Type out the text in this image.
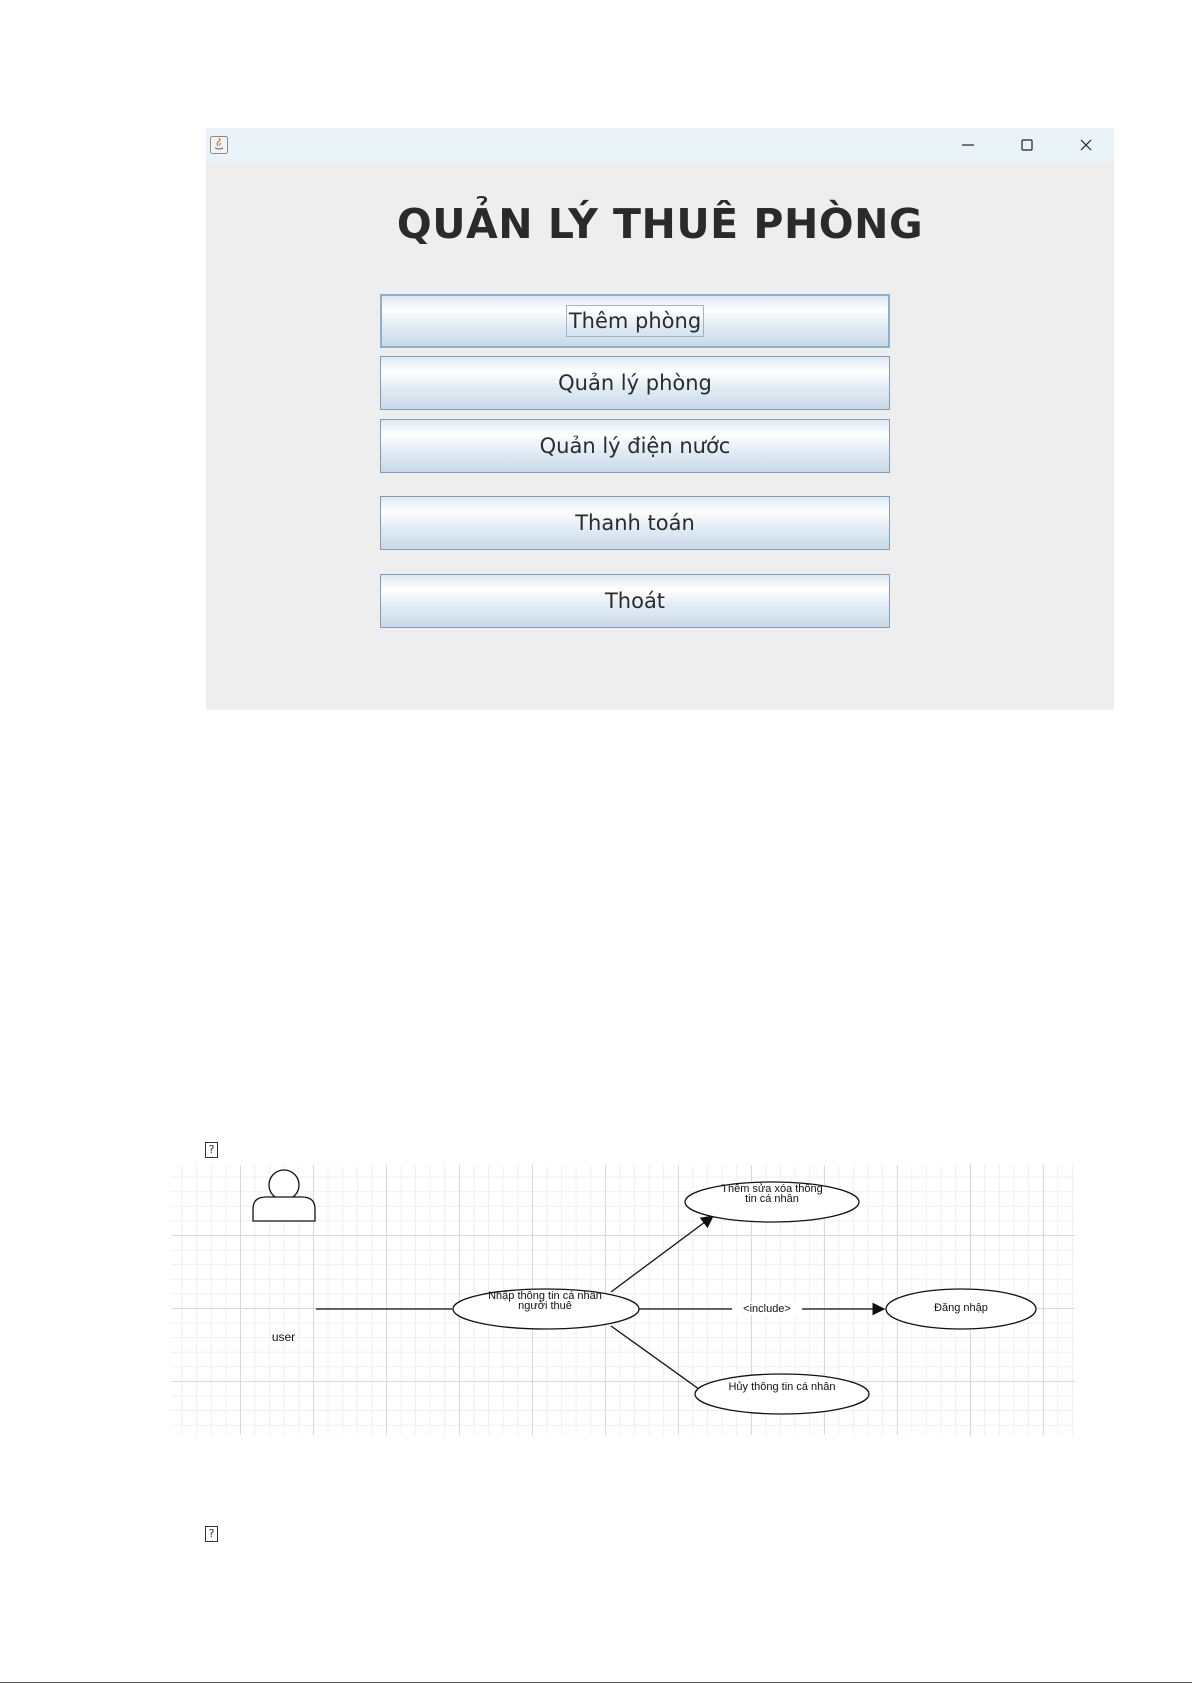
QUẢN LÝ THUÊ PHÒNG
Thêm phòng
Quản lý phòng
Quản lý điện nước
Thanh toán
Thoát
?
?
user
Nhập thông tin cá nhân người thuê
Thêm sửa xóa thông tin cá nhân
Đăng nhập
Hủy thông tin cá nhân
<include>
